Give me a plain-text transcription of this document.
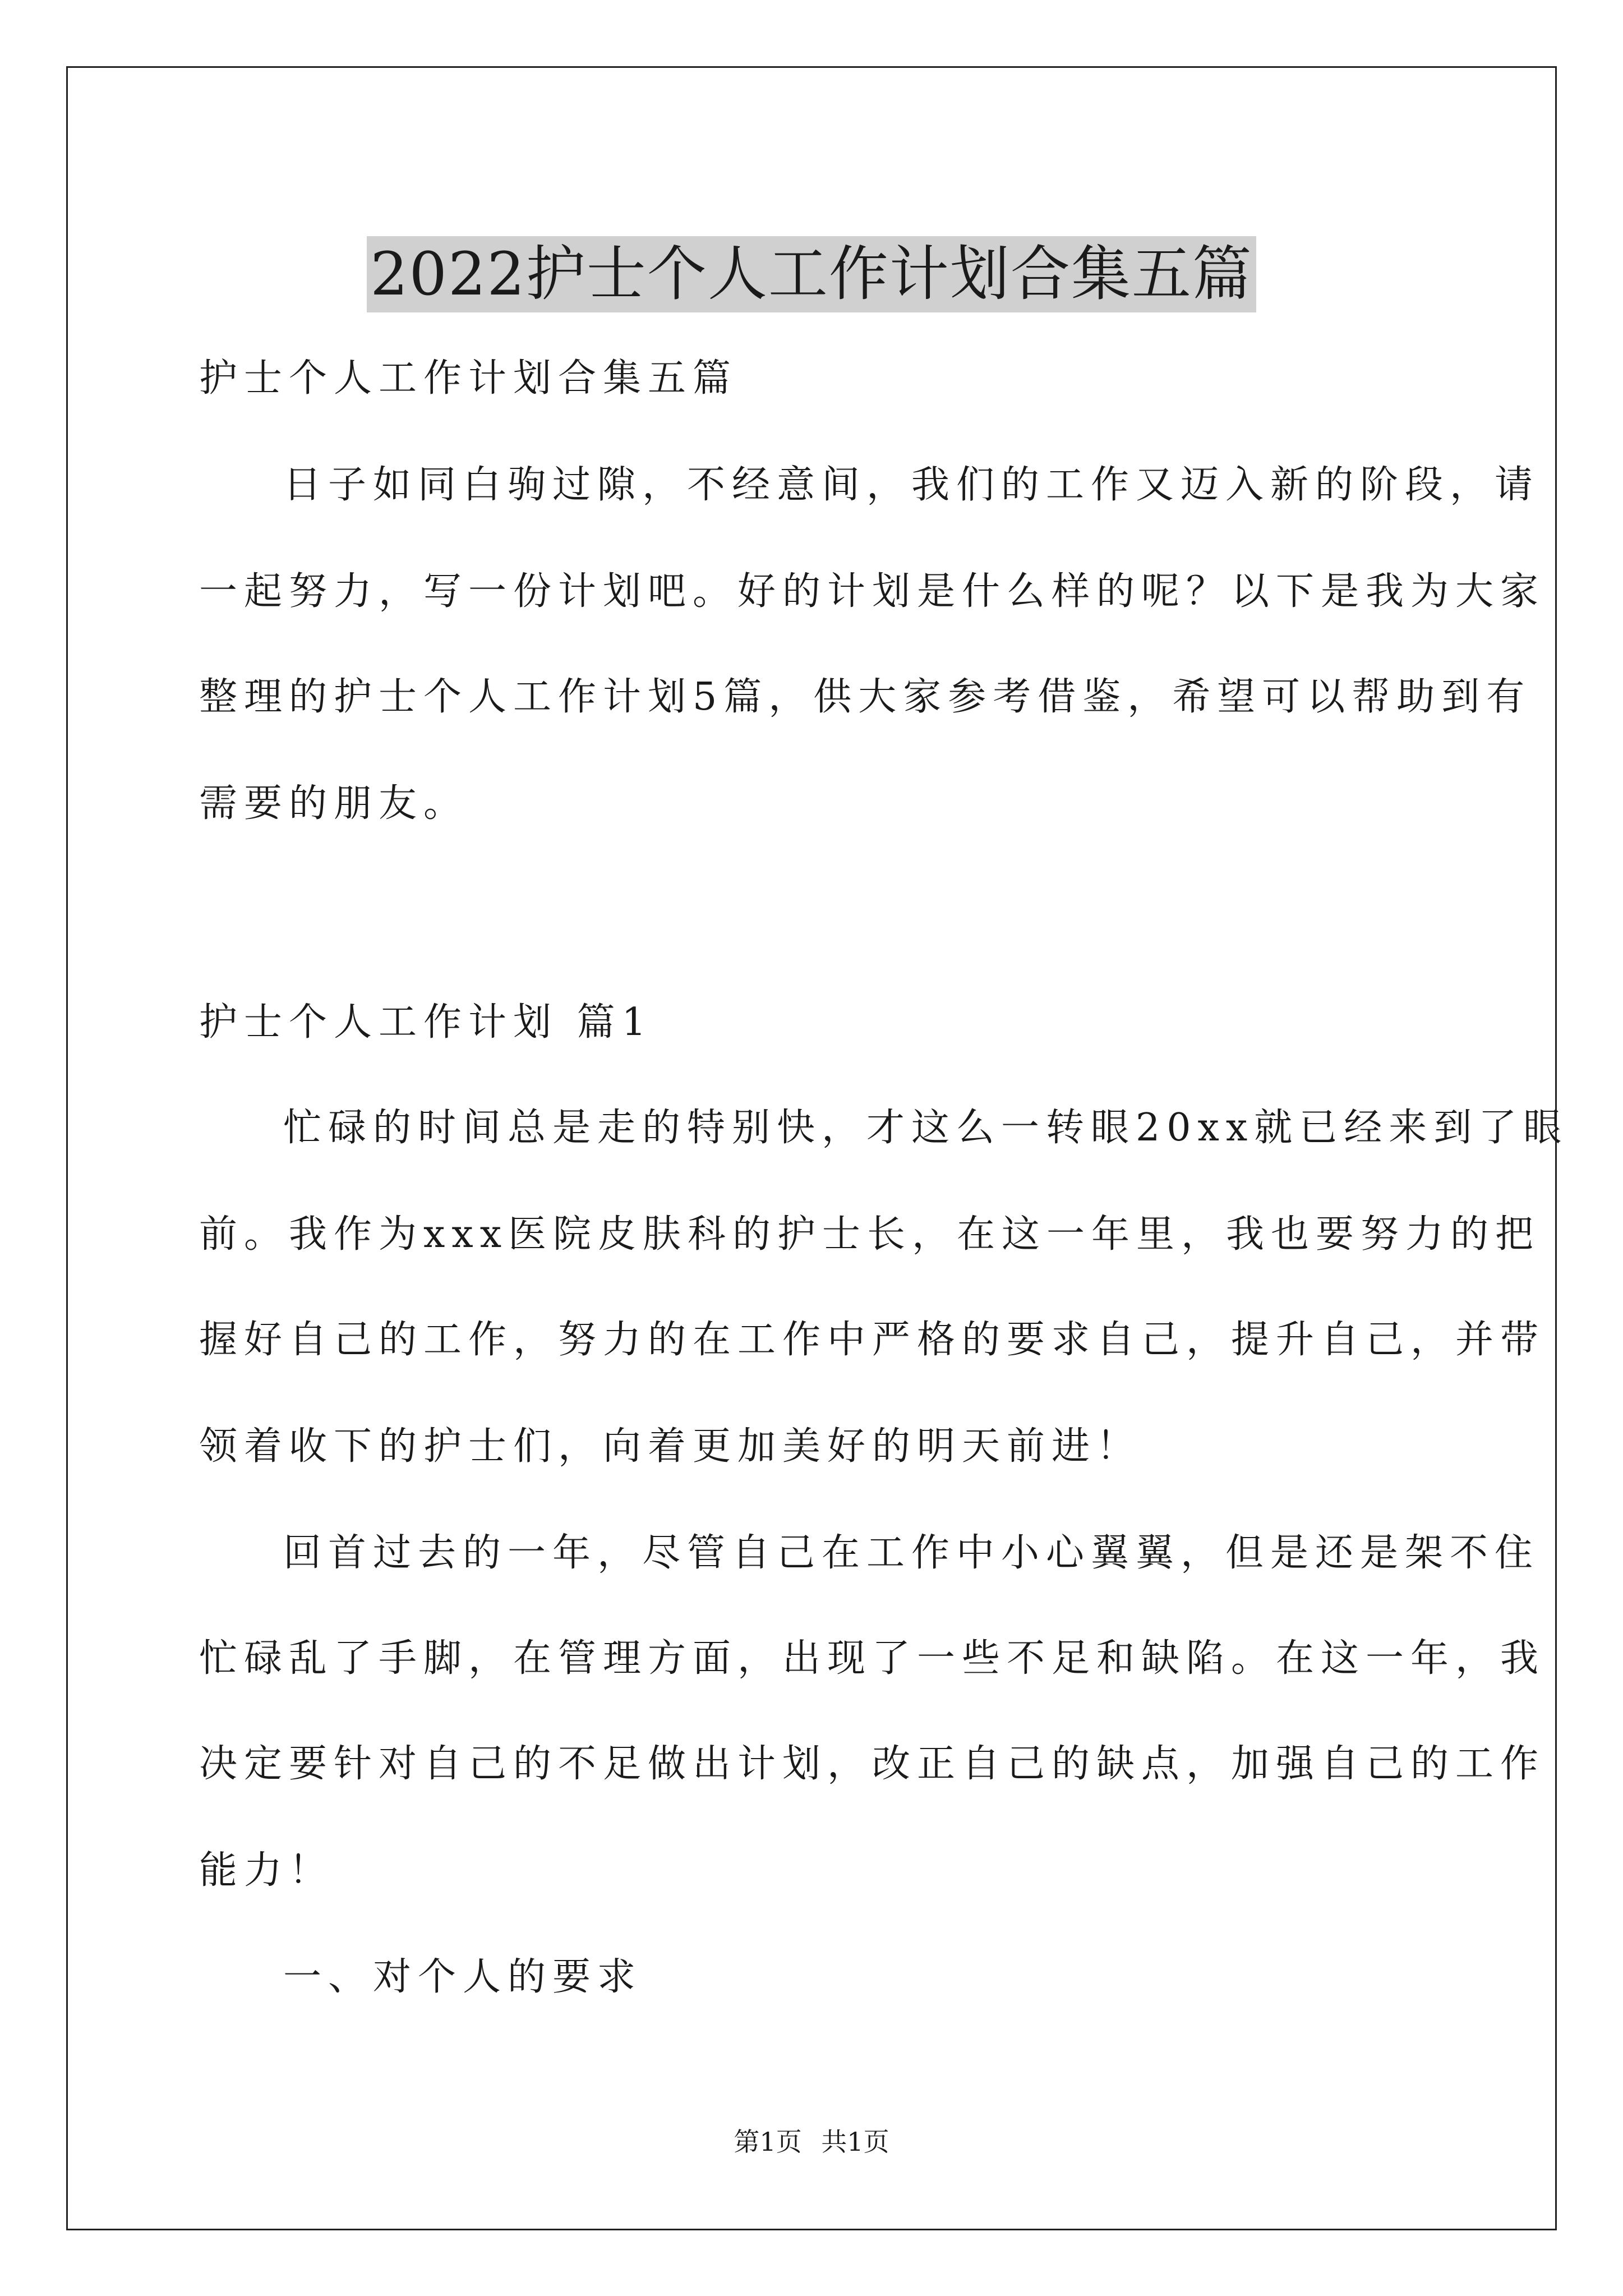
2022护士个人工作计划合集五篇
护士个人工作计划合集五篇
日子如同白驹过隙，不经意间，我们的工作又迈入新的阶段，请
一起努力，写一份计划吧。好的计划是什么样的呢？以下是我为大家
整理的护士个人工作计划5篇，供大家参考借鉴，希望可以帮助到有
需要的朋友。
护士个人工作计划 篇1
忙碌的时间总是走的特别快，才这么一转眼20xx就已经来到了眼
前。我作为xxx医院皮肤科的护士长，在这一年里，我也要努力的把
握好自己的工作，努力的在工作中严格的要求自己，提升自己，并带
领着收下的护士们，向着更加美好的明天前进！
回首过去的一年，尽管自己在工作中小心翼翼，但是还是架不住
忙碌乱了手脚，在管理方面，出现了一些不足和缺陷。在这一年，我
决定要针对自己的不足做出计划，改正自己的缺点，加强自己的工作
能力！
一、对个人的要求
第1页 共1页
